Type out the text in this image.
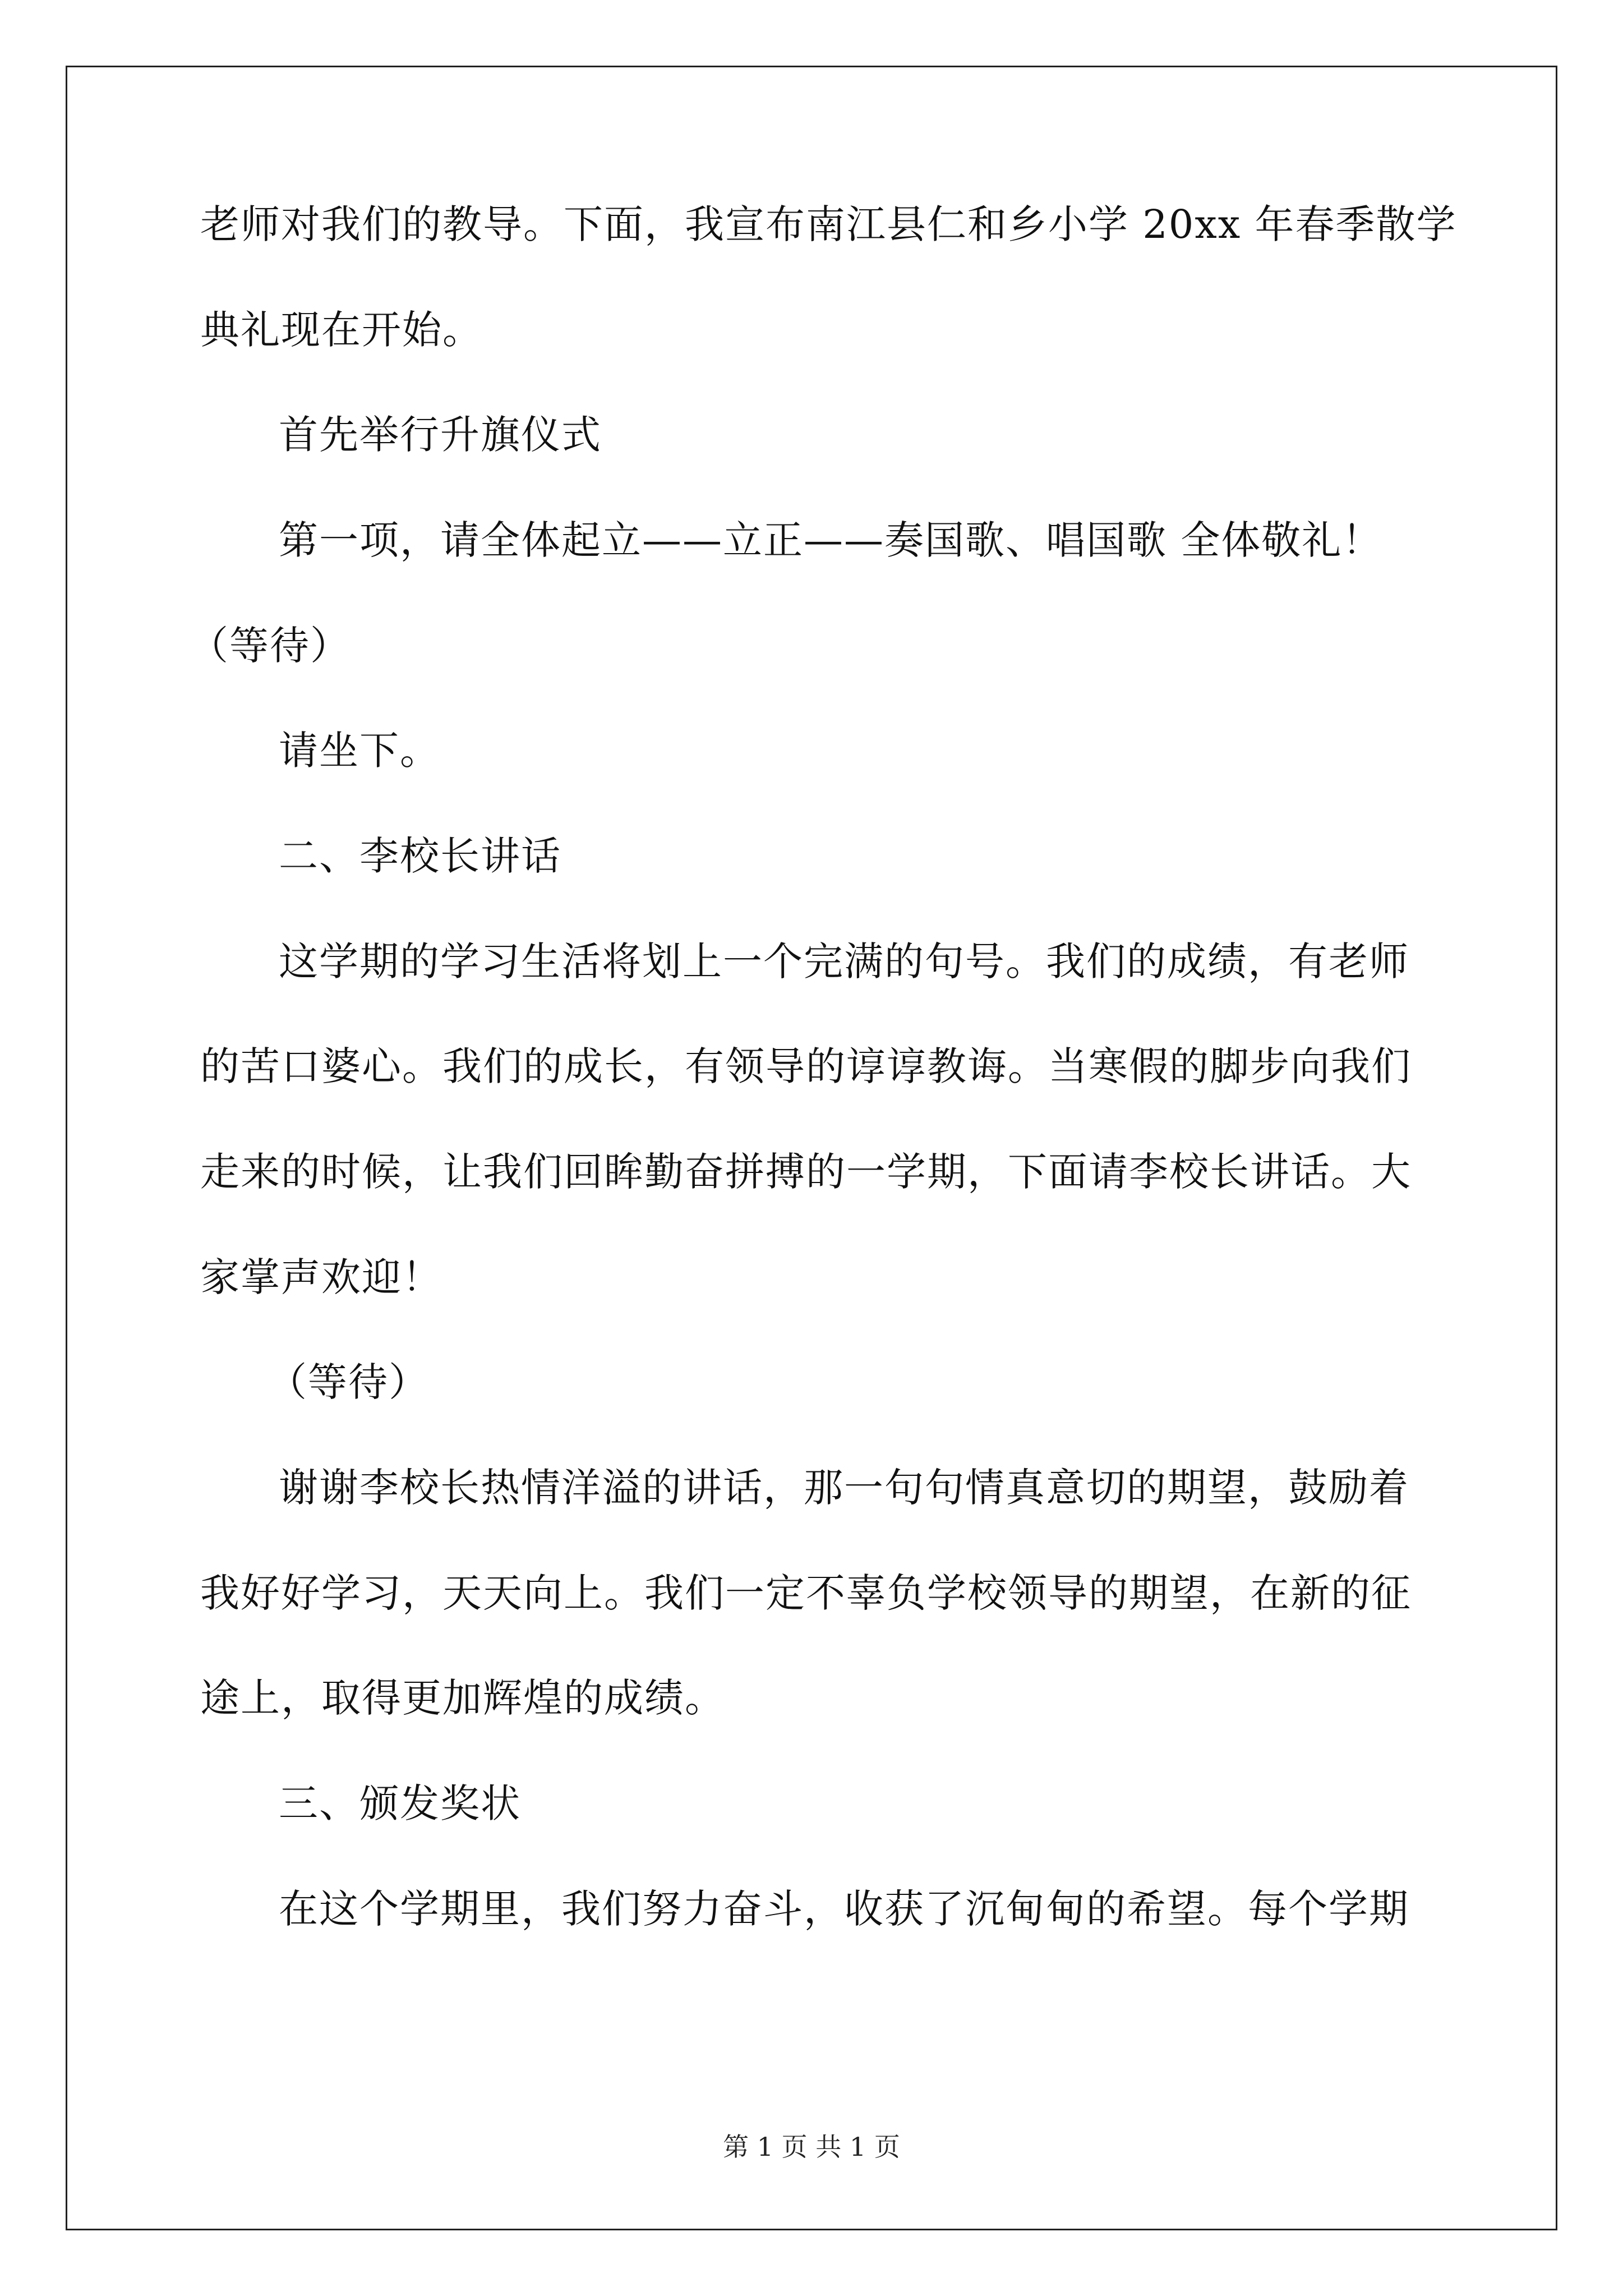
老师对我们的教导。下面，我宣布南江县仁和乡小学 20xx 年春季散学
典礼现在开始。
首先举行升旗仪式
第一项，请全体起立——立正——奏国歌、唱国歌 全体敬礼！
（等待）
请坐下。
二、李校长讲话
这学期的学习生活将划上一个完满的句号。我们的成绩，有老师
的苦口婆心。我们的成长，有领导的谆谆教诲。当寒假的脚步向我们
走来的时候，让我们回眸勤奋拼搏的一学期，下面请李校长讲话。大
家掌声欢迎！
（等待）
谢谢李校长热情洋溢的讲话，那一句句情真意切的期望，鼓励着
我好好学习，天天向上。我们一定不辜负学校领导的期望，在新的征
途上，取得更加辉煌的成绩。
三、颁发奖状
在这个学期里，我们努力奋斗，收获了沉甸甸的希望。每个学期
第 1 页 共 1 页
